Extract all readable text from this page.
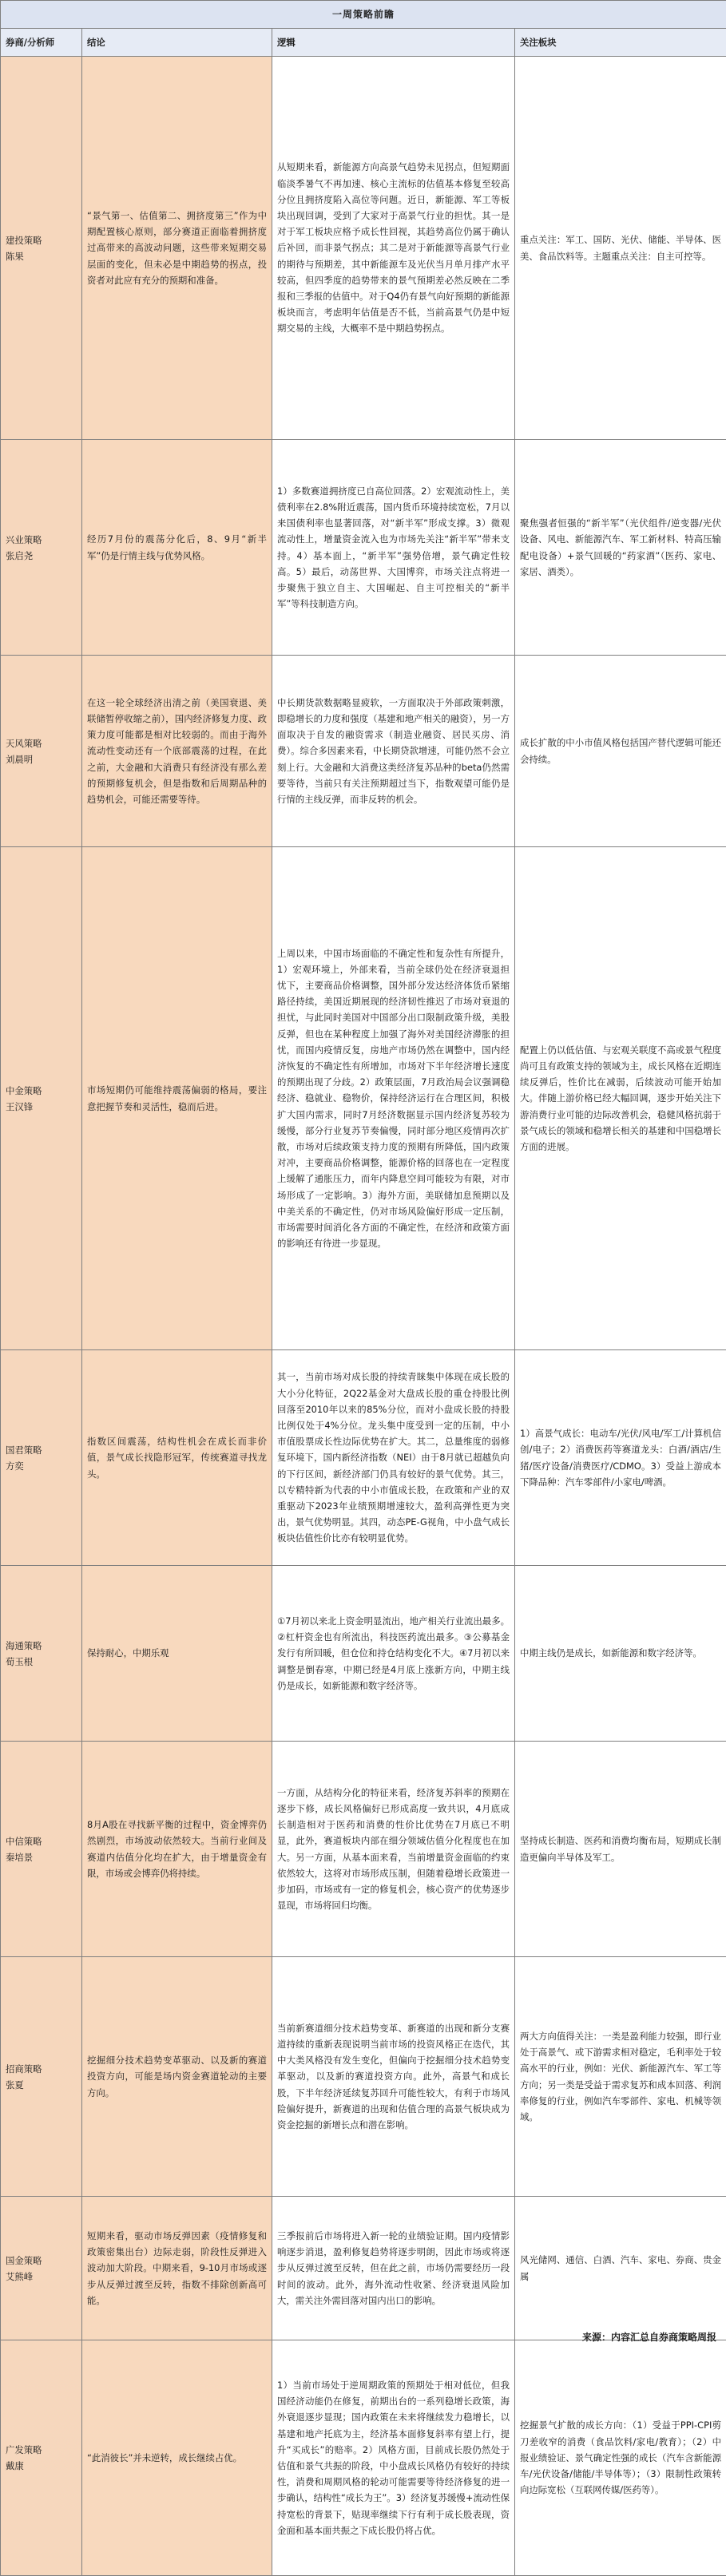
一周策略前瞻			
券商/分析师	结论	逻辑	关注板块

建投策略
陈果	“景气第一、估值第二、拥挤度第三”作为中期配置核心原则，部分赛道正面临着拥挤度过高带来的高波动问题，这些带来短期交易层面的变化，但未必是中期趋势的拐点，投资者对此应有充分的预期和准备。	从短期来看，新能源方向高景气趋势未见拐点，但短期面临淡季暑气不再加速、核心主流标的估值基本修复至较高分位且拥挤度陷入高位等问题。近日，新能源、军工等板块出现回调，受到了大家对于高景气行业的担忧。其一是对于军工板块应格予成长性回视，其趋势高位仍属于确认后补回，而非景气拐点；其二是对于新能源等高景气行业的期待与预期差，其中新能源车及光伏当月单月排产水平较高，但四季度的趋势带来的景气预期差必然反映在二季报和三季报的估值中。对于Q4仍有景气向好预期的新能源板块而言，考虑明年估值是否不低，当前高景气仍是中短期交易的主线，大概率不是中期趋势拐点。	重点关注：军工、国防、光伏、储能、半导体、医美、食品饮料等。主题重点关注：自主可控等。

兴业策略
张启尧	经历7月份的震荡分化后，8、9月“新半军”仍是行情主线与优势风格。	1）多数赛道拥挤度已自高位回落。2）宏观流动性上，美债利率在2.8%附近震荡，国内货币环境持续宽松，7月以来国债利率也显著回落，对“新半军”形成支撑。3）微观流动性上，增量资金流入也为市场先关注“新半军”带来支持。4）基本面上，“新半军”强势倍增，景气确定性较高。5）最后，动荡世界、大国博弈，市场关注点将进一步聚焦于独立自主、大国崛起、自主可控相关的“新半军”等科技制造方向。	聚焦强者恒强的“新半军”（光伏组件/逆变器/光伏设备、风电、新能源汽车、军工新材料、特高压输配电设备）+景气回暖的“药家酒”（医药、家电、家居、酒类）。

天风策略
刘晨明	在这一轮全球经济出清之前（美国衰退、美联储暂停收缩之前），国内经济修复力度、政策力度可能都是相对比较弱的。而由于海外流动性变动还有一个底部震荡的过程，在此之前，大金融和大消费只有经济没有那么差的预期修复机会，但是指数和后周期品种的趋势机会，可能还需要等待。	中长期货款数据略显疲软，一方面取决于外部政策刺激，即稳增长的力度和强度（基建和地产相关的融资），另一方面取决于自发的融资需求（制造业融资、居民买房、消费）。综合多因素来看，中长期贷款增速，可能仍然不会立刻上行。大金融和大消费这类经济复苏品种的beta仍然需要等待，当前只有关注预期超过当下，指数观望可能仍是行情的主线反弹，而非反转的机会。	成长扩散的中小市值风格包括国产替代逻辑可能还会持续。

中金策略
王汉锋	市场短期仍可能维持震荡偏弱的格局，要注意把握节奏和灵活性，稳而后进。	上周以来，中国市场面临的不确定性和复杂性有所提升，1）宏观环境上，外部来看，当前全球仍处在经济衰退担忧下，主要商品价格调整，国外部分发达经济体货币紧缩路径持续，美国近期展现的经济韧性推迟了市场对衰退的担忧，与此同时美国对中国部分出口限制政策升级，美股反弹，但也在某种程度上加强了海外对美国经济滞胀的担忧，而国内疫情反复，房地产市场仍然在调整中，国内经济恢复的不确定性有所增加，市场对下半年经济增长速度的预期出现了分歧。2）政策层面，7月政治局会议强调稳经济、稳就业、稳物价，保持经济运行在合理区间，积极扩大国内需求，同时7月经济数据显示国内经济复苏较为缓慢，部分行业复苏节奏偏慢，同时部分地区疫情再次扩散，市场对后续政策支持力度的预期有所降低，国内政策对冲，主要商品价格调整，能源价格的回落也在一定程度上缓解了通胀压力，而年内降息空间可能较为有限，对市场形成了一定影响。3）海外方面，美联储加息预期以及中美关系的不确定性，仍对市场风险偏好形成一定压制，市场需要时间消化各方面的不确定性，在经济和政策方面的影响还有待进一步显现。	配置上仍以低估值、与宏观关联度不高或景气程度尚可且有政策支持的领域为主，成长风格在近期连续反弹后，性价比在减弱，后续波动可能开始加大。伴随上游价格已经大幅回调，逐步开始关注下游消费行业可能的边际改善机会，稳健风格抗弱于景气成长的领域和稳增长相关的基建和中国稳增长方面的进展。

国君策略
方奕	指数区间震荡，结构性机会在成长而非价值，景气成长找隐形冠军，传统赛道寻找龙头。	其一，当前市场对成长股的持续青睐集中体现在成长股的大小分化特征，2Q22基金对大盘成长股的重仓持股比例回落至2010年以来的85%分位，而对小盘成长股的持股比例仅处于4%分位。龙头集中度受到一定的压制，中小市值股票成长性边际优势在扩大。其二，总量维度的弱修复环境下，国内新经济指数（NEI）由于8月就已超越负向的下行区间，新经济部门仍具有较好的景气优势。其三，以专精特新为代表的中小市值成长股，在政策和产业的双重驱动下2023年业绩预期增速较大，盈利高弹性更为突出，景气优势明显。其四，动态PE-G视角，中小盘气成长板块估值性价比亦有较明显优势。	1）高景气成长：电动车/光伏/风电/军工/计算机信创/电子；2）消费医药等赛道龙头：白酒/酒店/生猪/医疗设备/消费医疗/CDMO。3）受益上游成本下降品种：汽车零部件/小家电/啤酒。

海通策略
荀玉根	保持耐心，中期乐观	①7月初以来北上资金明显流出，地产相关行业流出最多。②杠杆资金也有所流出，科技医药流出最多。③公募基金发行有所回暖，但仓位和持仓结构变化不大。④7月初以来调整是倒春寒，中期已经是4月底上涨新方向，中期主线仍是成长，如新能源和数字经济等。	中期主线仍是成长，如新能源和数字经济等。

中信策略
秦培景	8月A股在寻找新平衡的过程中，资金博弈仍然剧烈，市场波动依然较大。当前行业间及赛道内估值分化均在扩大，由于增量资金有限，市场或会博弈仍将持续。	一方面，从结构分化的特征来看，经济复苏斜率的预期在逐步下修，成长风格偏好已形成高度一致共识，4月底成长制造相对于医药和消费的性价比优势在7月底已不明显，此外，赛道板块内部在细分领域估值分化程度也在加大。另一方面，从基本面来看，当前增量资金面临的约束依然较大，这将对市场形成压制，但随着稳增长政策进一步加码，市场或有一定的修复机会，核心资产的优势逐步显现，市场将回归均衡。	坚持成长制造、医药和消费均衡布局，短期成长制造更偏向半导体及军工。

招商策略
张夏	挖掘细分技术趋势变革驱动、以及新的赛道投资方向，可能是场内资金赛道轮动的主要方向。	当前新赛道细分技术趋势变革、新赛道的出现和新分支赛道持续的重新表现说明当前市场的投资风格正在迭代，其中大类风格没有发生变化，但偏向于挖掘细分技术趋势变革驱动，以及新的赛道投资方向。此外，高景气和成长股，下半年经济延续复苏回升可能性较大，有利于市场风险偏好提升，新赛道的出现和估值合理的高景气板块成为资金挖掘的新增长点和潜在影响。	两大方向值得关注：一类是盈利能力较强，即行业处于高景气、或下游需求相对稳定，毛利率处于较高水平的行业，例如：光伏、新能源汽车、军工等方向；另一类是受益于需求复苏和成本回落、利润率修复的行业，例如汽车零部件、家电、机械等领域。

国金策略
艾熊峰	短期来看，驱动市场反弹因素（疫情修复和政策密集出台）边际走弱，阶段性反弹进入波动加大阶段。中期来看，9-10月市场或逐步从反弹过渡至反转，指数不排除创新高可能。	三季报前后市场将进入新一轮的业绩验证期。国内疫情影响逐步消退，盈利修复趋势将逐步明朗，因此市场或将逐步从反弹过渡至反转，但在此之前，市场仍需要经历一段时间的波动。此外，海外流动性收紧、经济衰退风险加大，需关注外需回落对国内出口的影响。	风光储网、通信、白酒、汽车、家电、券商、贵金属

广发策略
戴康	“此消彼长”并未逆转，成长继续占优。	1）当前市场处于逆周期政策的预期处于相对低位，但我国经济动能仍在修复，前期出台的一系列稳增长政策，海外衰退逐步显现；国内政策在未来将继续发力稳增长，以基建和地产托底为主，经济基本面修复斜率有望上行，提升“买成长”的赔率。2）风格方面，目前成长股仍然处于估值和景气共振的阶段，中小盘成长风格仍有较好的持续性，消费和周期风格的轮动可能需要等待经济修复的进一步确认，结构性“成长为王”。3）经济复苏缓慢+流动性保持宽松的背景下，贴现率继续下行有利于成长股表现，资金面和基本面共振之下成长股仍将占优。	挖掘景气扩散的成长方向：（1）受益于PPI-CPI剪刀差收窄的消费（食品饮料/家电/教育）；（2）中报业绩验证、景气确定性强的成长（汽车含新能源车/光伏设备/储能/半导体等）；（3）限制性政策转向边际宽松（互联网传媒/医药等）。
来源：内容汇总自券商策略周报
